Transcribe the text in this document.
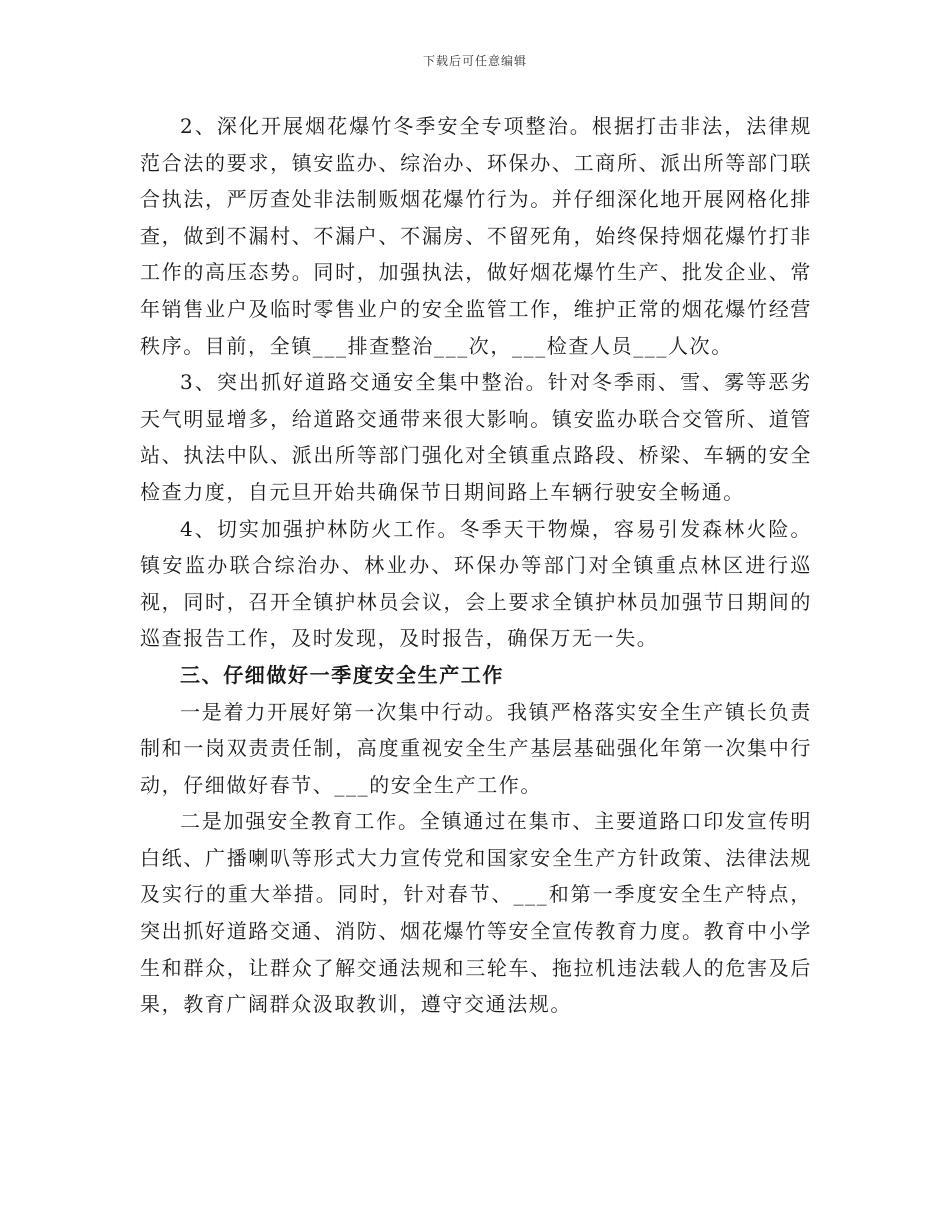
下载后可任意编辑

2、深化开展烟花爆竹冬季安全专项整治。根据打击非法，法律规范合法的要求，镇安监办、综治办、环保办、工商所、派出所等部门联合执法，严厉查处非法制贩烟花爆竹行为。并仔细深化地开展网格化排查，做到不漏村、不漏户、不漏房、不留死角，始终保持烟花爆竹打非工作的高压态势。同时，加强执法，做好烟花爆竹生产、批发企业、常年销售业户及临时零售业户的安全监管工作，维护正常的烟花爆竹经营秩序。目前，全镇___排查整治___次，___检查人员___人次。

3、突出抓好道路交通安全集中整治。针对冬季雨、雪、雾等恶劣天气明显增多，给道路交通带来很大影响。镇安监办联合交管所、道管站、执法中队、派出所等部门强化对全镇重点路段、桥梁、车辆的安全检查力度，自元旦开始共确保节日期间路上车辆行驶安全畅通。

4、切实加强护林防火工作。冬季天干物燥，容易引发森林火险。镇安监办联合综治办、林业办、环保办等部门对全镇重点林区进行巡视，同时，召开全镇护林员会议，会上要求全镇护林员加强节日期间的巡查报告工作，及时发现，及时报告，确保万无一失。

三、仔细做好一季度安全生产工作

一是着力开展好第一次集中行动。我镇严格落实安全生产镇长负责制和一岗双责责任制，高度重视安全生产基层基础强化年第一次集中行动，仔细做好春节、___的安全生产工作。

二是加强安全教育工作。全镇通过在集市、主要道路口印发宣传明白纸、广播喇叭等形式大力宣传党和国家安全生产方针政策、法律法规及实行的重大举措。同时，针对春节、___和第一季度安全生产特点，突出抓好道路交通、消防、烟花爆竹等安全宣传教育力度。教育中小学生和群众，让群众了解交通法规和三轮车、拖拉机违法载人的危害及后果，教育广阔群众汲取教训，遵守交通法规。
